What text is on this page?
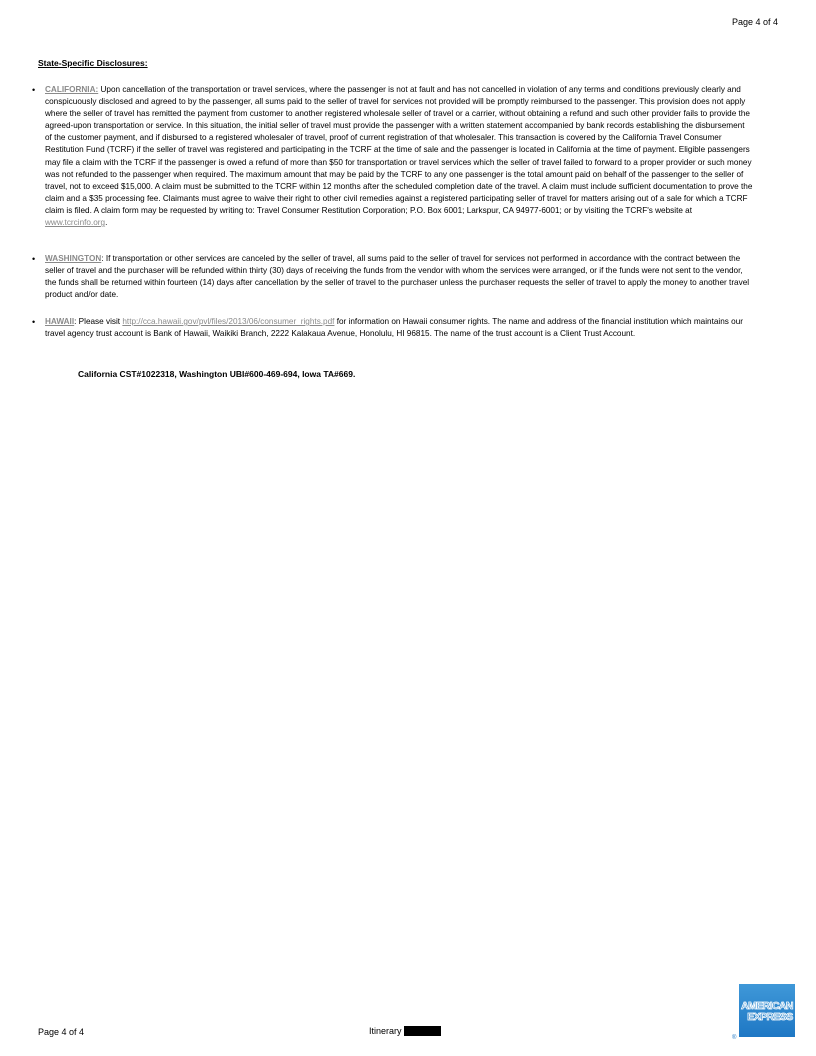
Page 4 of 4
State-Specific Disclosures:
• CALIFORNIA: Upon cancellation of the transportation or travel services, where the passenger is not at fault and has not cancelled in violation of any terms and conditions previously clearly and conspicuously disclosed and agreed to by the passenger, all sums paid to the seller of travel for services not provided will be promptly reimbursed to the passenger. This provision does not apply where the seller of travel has remitted the payment from customer to another registered wholesale seller of travel or a carrier, without obtaining a refund and such other provider fails to provide the agreed-upon transportation or service. In this situation, the initial seller of travel must provide the passenger with a written statement accompanied by bank records establishing the disbursement of the customer payment, and if disbursed to a registered wholesaler of travel, proof of current registration of that wholesaler. This transaction is covered by the California Travel Consumer Restitution Fund (TCRF) if the seller of travel was registered and participating in the TCRF at the time of sale and the passenger is located in California at the time of payment. Eligible passengers may file a claim with the TCRF if the passenger is owed a refund of more than $50 for transportation or travel services which the seller of travel failed to forward to a proper provider or such money was not refunded to the passenger when required. The maximum amount that may be paid by the TCRF to any one passenger is the total amount paid on behalf of the passenger to the seller of travel, not to exceed $15,000. A claim must be submitted to the TCRF within 12 months after the scheduled completion date of the travel. A claim must include sufficient documentation to prove the claim and a $35 processing fee. Claimants must agree to waive their right to other civil remedies against a registered participating seller of travel for matters arising out of a sale for which a TCRF claim is filed. A claim form may be requested by writing to: Travel Consumer Restitution Corporation; P.O. Box 6001; Larkspur, CA 94977-6001; or by visiting the TCRF's website at www.tcrcinfo.org.
• WASHINGTON: If transportation or other services are canceled by the seller of travel, all sums paid to the seller of travel for services not performed in accordance with the contract between the seller of travel and the purchaser will be refunded within thirty (30) days of receiving the funds from the vendor with whom the services were arranged, or if the funds were not sent to the vendor, the funds shall be returned within fourteen (14) days after cancellation by the seller of travel to the purchaser unless the purchaser requests the seller of travel to apply the money to another travel product and/or date.
• HAWAII: Please visit http://cca.hawaii.gov/pvl/files/2013/06/consumer_rights.pdf for information on Hawaii consumer rights. The name and address of the financial institution which maintains our travel agency trust account is Bank of Hawaii, Waikiki Branch, 2222 Kalakaua Avenue, Honolulu, HI 96815. The name of the trust account is a Client Trust Account.
California CST#1022318, Washington UBI#600-469-694, Iowa TA#669.
Page 4 of 4	Itinerary
AMERICAN
EXPRESS
®
